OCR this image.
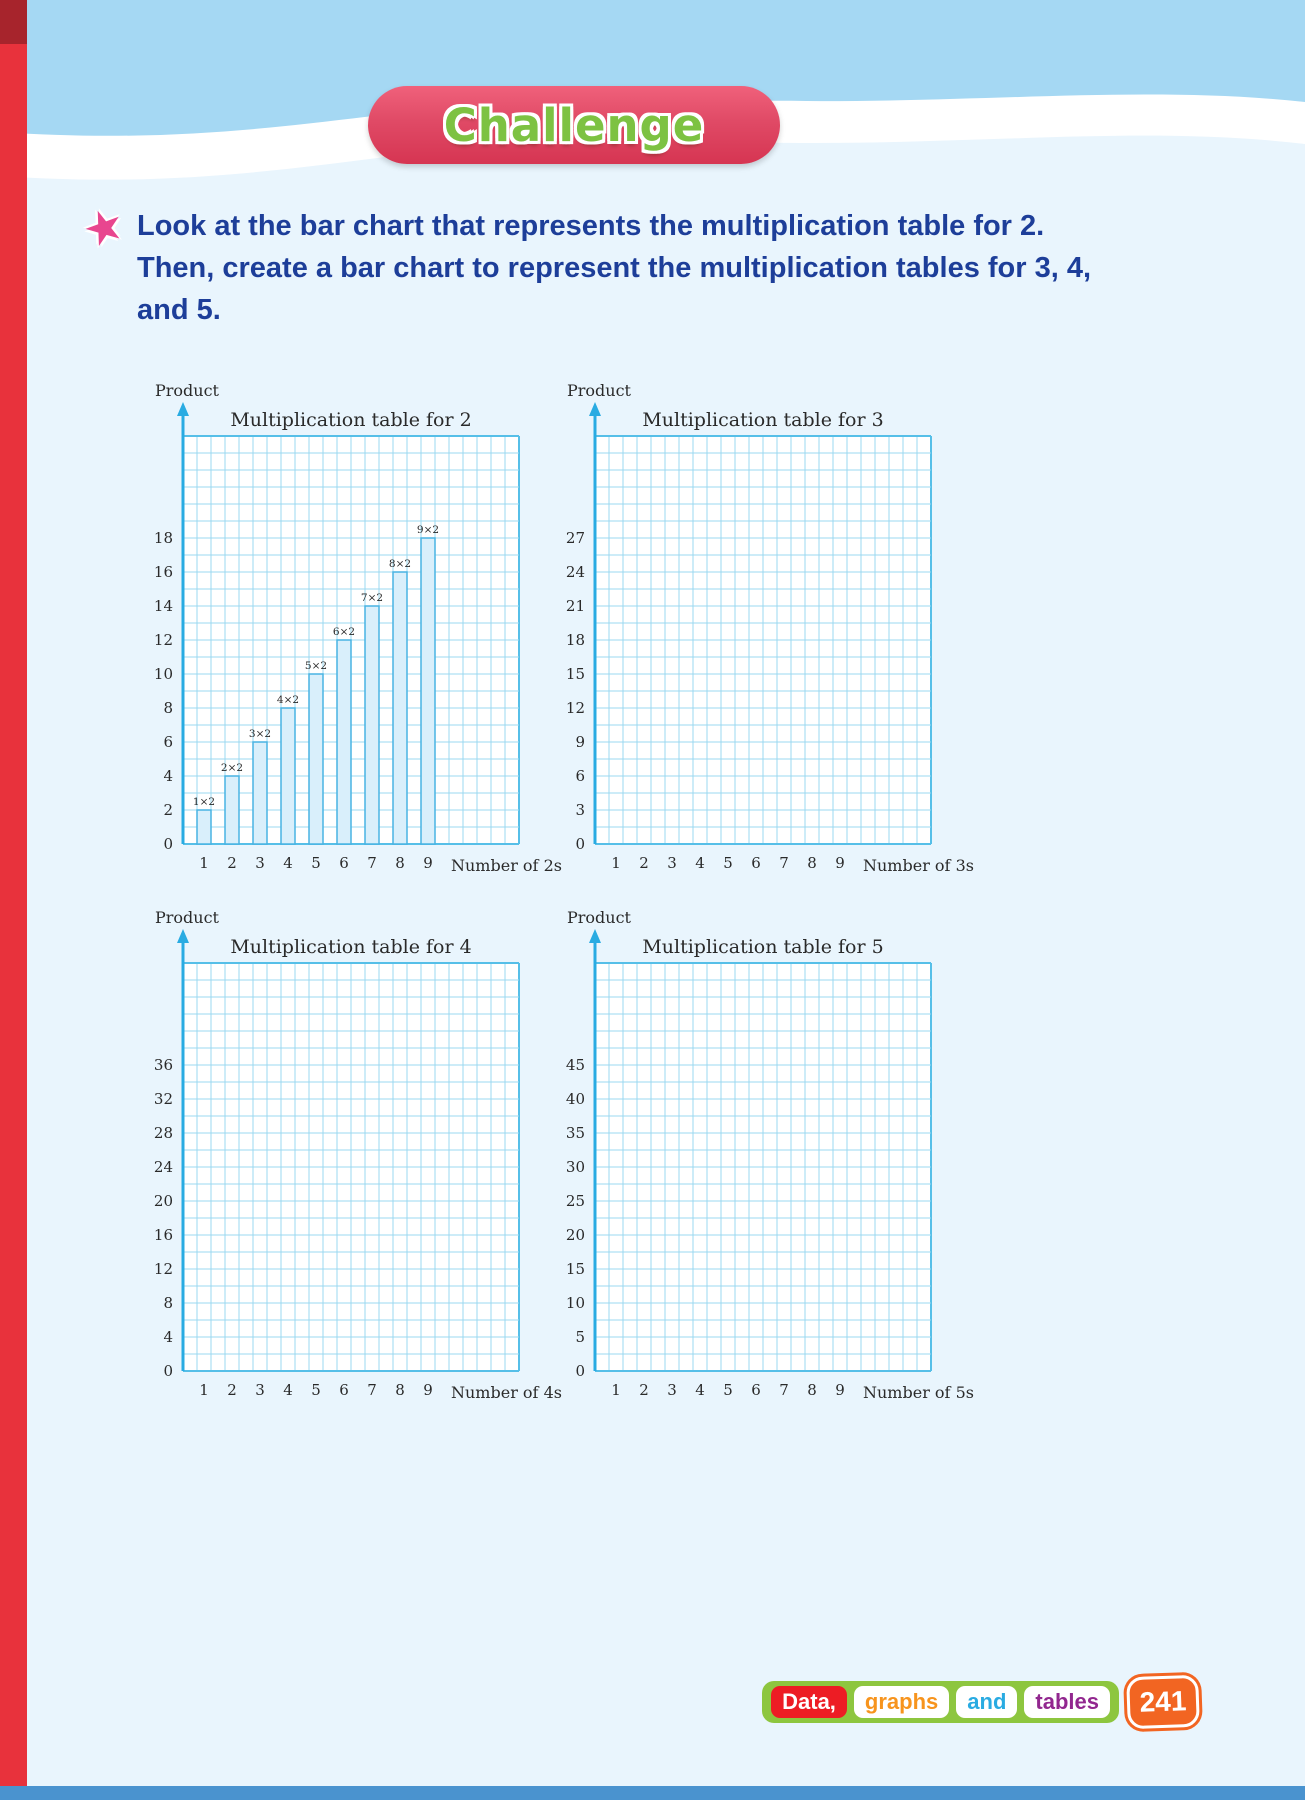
Challenge
★ Look at the bar chart that represents the multiplication table for 2. Then, create a bar chart to represent the multiplication tables for 3, 4, and 5.

1×2
2×2
3×2
4×2
5×2
6×2
7×2
8×2
9×2
0
2
4
6
8
10
12
14
16
18
1 2 3 4 5 6 7 8 9
Product
Multiplication table for 2
Number of 2s
0
3
6
9
12
15
18
21
24
27
1 2 3 4 5 6 7 8 9
Product
Multiplication table for 3
Number of 3s
0
4
8
12
16
20
24
28
32
36
1 2 3 4 5 6 7 8 9
Product
Multiplication table for 4
Number of 4s
0
5
10
15
20
25
30
35
40
45
1 2 3 4 5 6 7 8 9
Product
Multiplication table for 5
Number of 5s
Data,	graphs	and	tables	241
